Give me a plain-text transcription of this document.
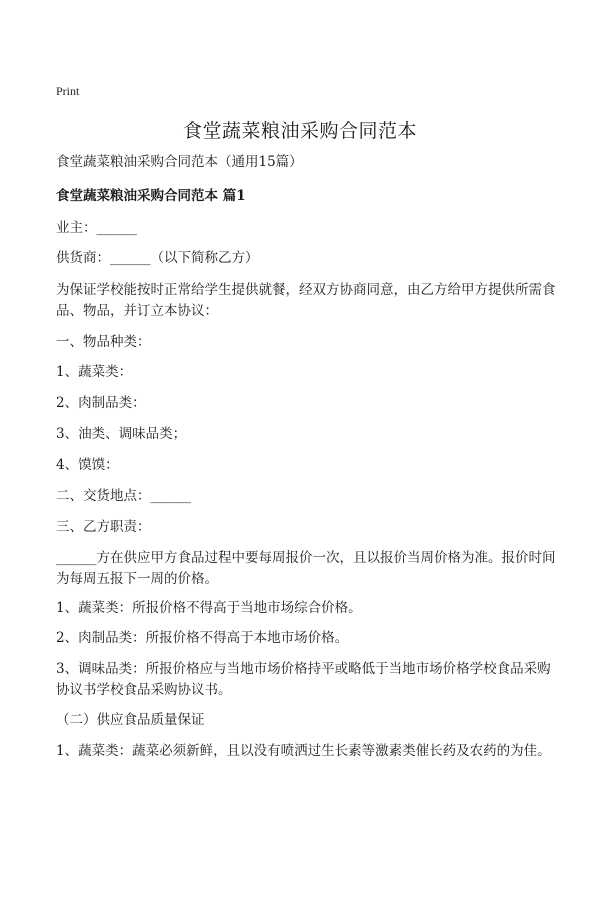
Print
食堂蔬菜粮油采购合同范本

食堂蔬菜粮油采购合同范本（通用15篇）

食堂蔬菜粮油采购合同范本 篇1

业主：______

供货商：______（以下简称乙方）

为保证学校能按时正常给学生提供就餐，经双方协商同意，由乙方给甲方提供所需食品、物品，并订立本协议：

一、物品种类：

1、蔬菜类：

2、肉制品类：

3、油类、调味品类；

4、馍馍：

二、交货地点：______

三、乙方职责：

______方在供应甲方食品过程中要每周报价一次，且以报价当周价格为准。报价时间为每周五报下一周的价格。

1、蔬菜类：所报价格不得高于当地市场综合价格。

2、肉制品类：所报价格不得高于本地市场价格。

3、调味品类：所报价格应与当地市场价格持平或略低于当地市场价格学校食品采购协议书学校食品采购协议书。

（二）供应食品质量保证

1、蔬菜类：蔬菜必须新鲜，且以没有喷洒过生长素等激素类催长药及农药的为佳。
